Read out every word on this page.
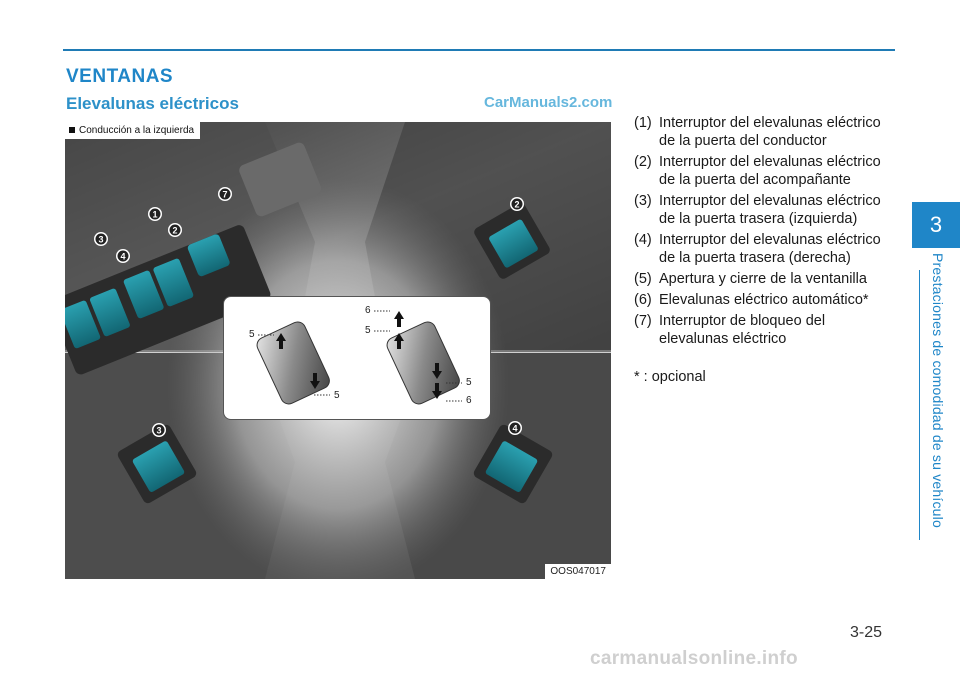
VENTANAS
Elevalunas eléctricos	CarManuals2.com
1
2
2
3
3
4
4
7
Conducción a la izquierda
5
5
6
5
5
6
OOS047017
(1) Interruptor del elevalunas eléctrico de la puerta del conductor
(2) Interruptor del elevalunas eléctrico de la puerta del acompañante
(3) Interruptor del elevalunas eléctrico de la puerta trasera (izquierda)
(4) Interruptor del elevalunas eléctrico de la puerta trasera (derecha)
(5) Apertura y cierre de la ventanilla
(6) Elevalunas eléctrico automático*
(7) Interruptor de bloqueo del elevalunas eléctrico
* : opcional
3
Prestaciones de comodidad de su vehículo
3-25
carmanualsonline.info
